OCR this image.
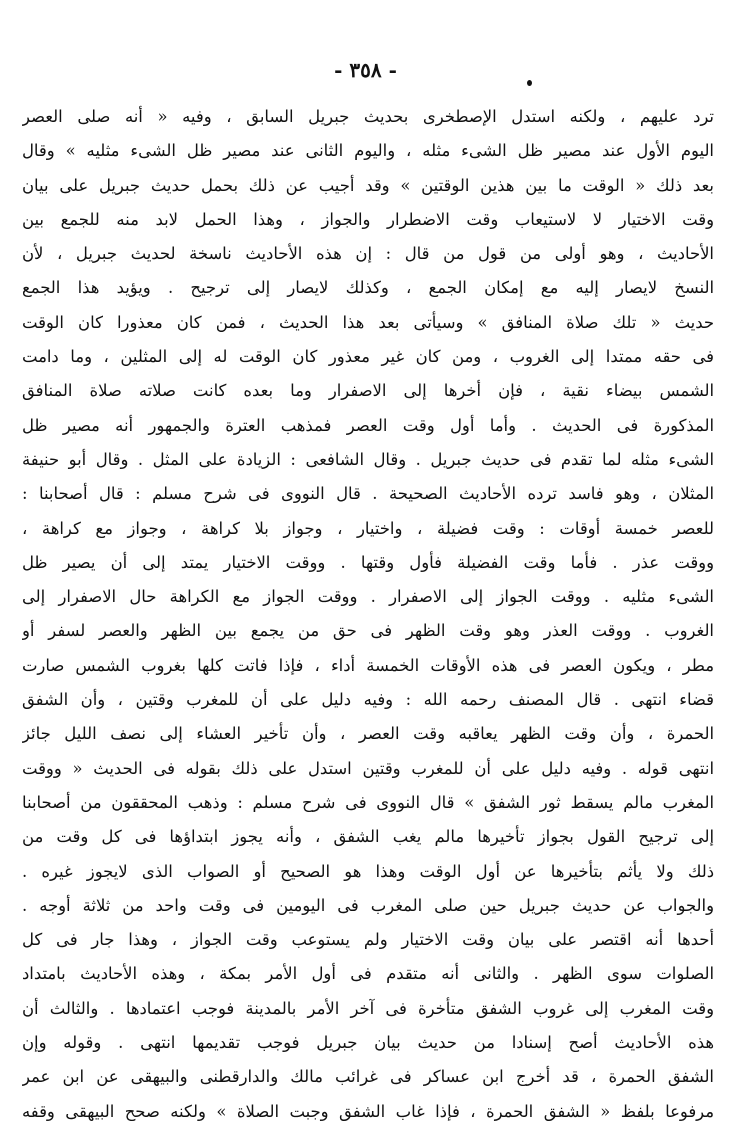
- ٣٥٨ -
ترد عليهم ، ولكنه استدل الإصطخرى بحديث جبريل السابق ، وفيه « أنه صلى العصر
اليوم الأول عند مصير ظل الشىء مثله ، واليوم الثانى عند مصير ظل الشىء مثليه » وقال
بعد ذلك « الوقت ما بين هذين الوقتين » وقد أجيب عن ذلك بحمل حديث جبريل على بيان
وقت الاختيار لا لاستيعاب وقت الاضطرار والجواز ، وهذا الحمل لابد منه للجمع بين
الأحاديث ، وهو أولى من قول من قال : إن هذه الأحاديث ناسخة لحديث جبريل ، لأن
النسخ لايصار إليه مع إمكان الجمع ، وكذلك لايصار إلى ترجيح . ويؤيد هذا الجمع
حديث « تلك صلاة المنافق » وسيأتى بعد هذا الحديث ، فمن كان معذورا كان الوقت
فى حقه ممتدا إلى الغروب ، ومن كان غير معذور كان الوقت له إلى المثلين ، وما دامت
الشمس بيضاء نقية ، فإن أخرها إلى الاصفرار وما بعده كانت صلاته صلاة المنافق
المذكورة فى الحديث . وأما أول وقت العصر فمذهب العترة والجمهور أنه مصير ظل
الشىء مثله لما تقدم فى حديث جبريل . وقال الشافعى : الزيادة على المثل . وقال أبو حنيفة
المثلان ، وهو فاسد ترده الأحاديث الصحيحة . قال النووى فى شرح مسلم : قال أصحابنا :
للعصر خمسة أوقات : وقت فضيلة ، واختيار ، وجواز بلا كراهة ، وجواز مع كراهة ،
ووقت عذر . فأما وقت الفضيلة فأول وقتها . ووقت الاختيار يمتد إلى أن يصير ظل
الشىء مثليه . ووقت الجواز إلى الاصفرار . ووقت الجواز مع الكراهة حال الاصفرار إلى
الغروب . ووقت العذر وهو وقت الظهر فى حق من يجمع بين الظهر والعصر لسفر أو
مطر ، ويكون العصر فى هذه الأوقات الخمسة أداء ، فإذا فاتت كلها بغروب الشمس صارت
قضاء انتهى . قال المصنف رحمه الله : وفيه دليل على أن للمغرب وقتين ، وأن الشفق
الحمرة ، وأن وقت الظهر يعاقبه وقت العصر ، وأن تأخير العشاء إلى نصف الليل جائز
انتهى قوله . وفيه دليل على أن للمغرب وقتين استدل على ذلك بقوله فى الحديث « ووقت
المغرب مالم يسقط ثور الشفق » قال النووى فى شرح مسلم : وذهب المحققون من أصحابنا
إلى ترجيح القول بجواز تأخيرها مالم يغب الشفق ، وأنه يجوز ابتداؤها فى كل وقت من
ذلك ولا يأثم بتأخيرها عن أول الوقت وهذا هو الصحيح أو الصواب الذى لايجوز غيره .
والجواب عن حديث جبريل حين صلى المغرب فى اليومين فى وقت واحد من ثلاثة أوجه .
أحدها أنه اقتصر على بيان وقت الاختيار ولم يستوعب وقت الجواز ، وهذا جار فى كل
الصلوات سوى الظهر . والثانى أنه متقدم فى أول الأمر بمكة ، وهذه الأحاديث بامتداد
وقت المغرب إلى غروب الشفق متأخرة فى آخر الأمر بالمدينة فوجب اعتمادها . والثالث أن
هذه الأحاديث أصح إسنادا من حديث بيان جبريل فوجب تقديمها انتهى . وقوله وإن
الشفق الحمرة ، قد أخرج ابن عساكر فى غرائب مالك والدارقطنى والبيهقى عن ابن عمر
مرفوعا بلفظ « الشفق الحمرة ، فإذا غاب الشفق وجبت الصلاة » ولكنه صحح البيهقى وقفه
